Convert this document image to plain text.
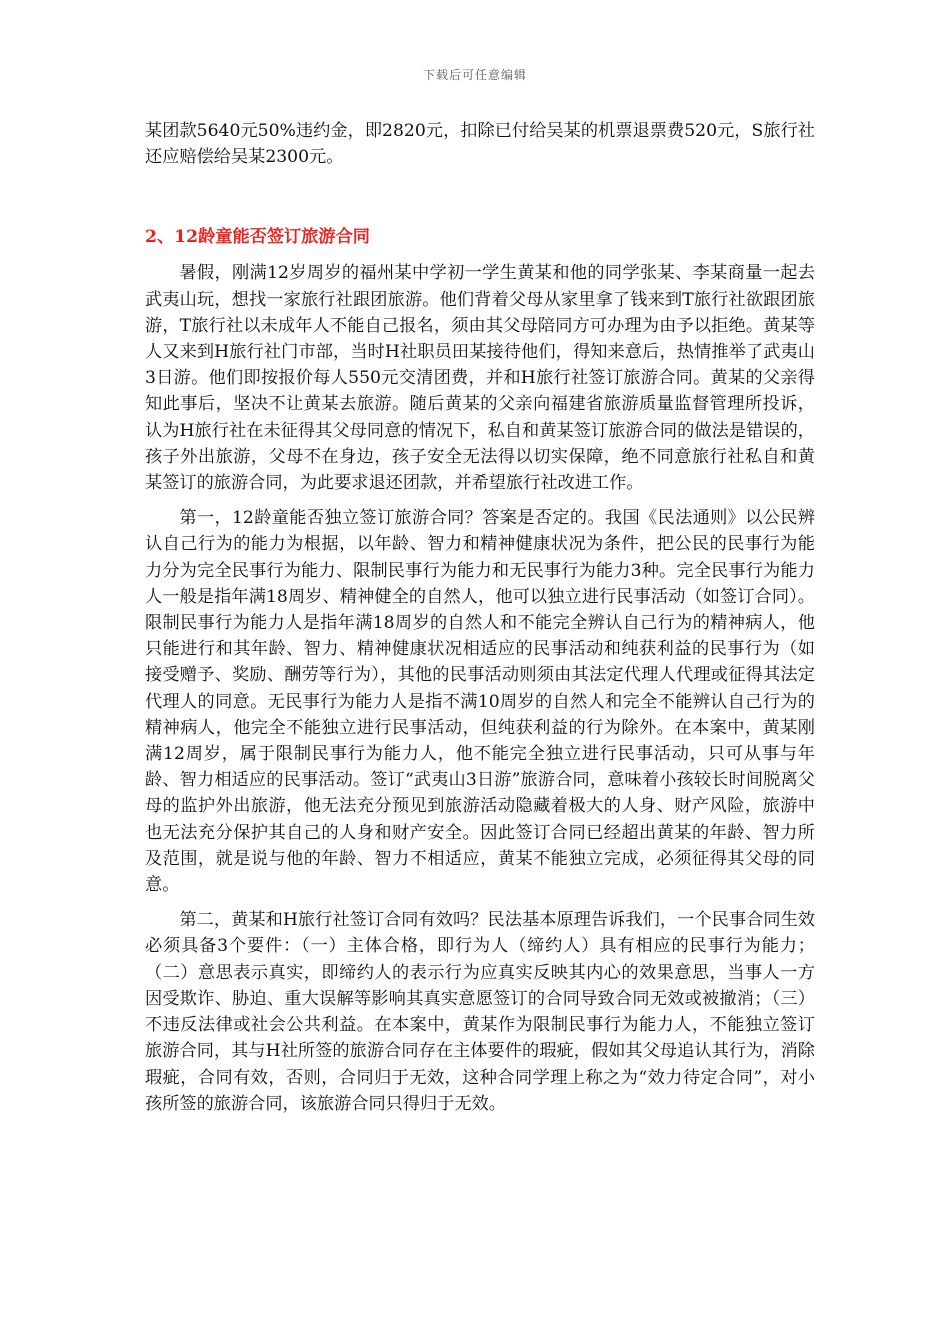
下载后可任意编辑

某团款5640元50%违约金，即2820元，扣除已付给吴某的机票退票费520元，S旅行社还应赔偿给吴某2300元。

2、12龄童能否签订旅游合同

暑假，刚满12岁周岁的福州某中学初一学生黄某和他的同学张某、李某商量一起去武夷山玩，想找一家旅行社跟团旅游。他们背着父母从家里拿了钱来到T旅行社欲跟团旅游，T旅行社以未成年人不能自己报名，须由其父母陪同方可办理为由予以拒绝。黄某等人又来到H旅行社门市部，当时H社职员田某接待他们，得知来意后，热情推举了武夷山3日游。他们即按报价每人550元交清团费，并和H旅行社签订旅游合同。黄某的父亲得知此事后，坚决不让黄某去旅游。随后黄某的父亲向福建省旅游质量监督管理所投诉，认为H旅行社在未征得其父母同意的情况下，私自和黄某签订旅游合同的做法是错误的，孩子外出旅游，父母不在身边，孩子安全无法得以切实保障，绝不同意旅行社私自和黄某签订的旅游合同，为此要求退还团款，并希望旅行社改进工作。

第一，12龄童能否独立签订旅游合同？答案是否定的。我国《民法通则》以公民辨认自己行为的能力为根据，以年龄、智力和精神健康状况为条件，把公民的民事行为能力分为完全民事行为能力、限制民事行为能力和无民事行为能力3种。完全民事行为能力人一般是指年满18周岁、精神健全的自然人，他可以独立进行民事活动（如签订合同）。限制民事行为能力人是指年满18周岁的自然人和不能完全辨认自己行为的精神病人，他只能进行和其年龄、智力、精神健康状况相适应的民事活动和纯获利益的民事行为（如接受赠予、奖励、酬劳等行为），其他的民事活动则须由其法定代理人代理或征得其法定代理人的同意。无民事行为能力人是指不满10周岁的自然人和完全不能辨认自己行为的精神病人，他完全不能独立进行民事活动，但纯获利益的行为除外。在本案中，黄某刚满12周岁，属于限制民事行为能力人，他不能完全独立进行民事活动，只可从事与年龄、智力相适应的民事活动。签订“武夷山3日游”旅游合同，意味着小孩较长时间脱离父母的监护外出旅游，他无法充分预见到旅游活动隐藏着极大的人身、财产风险，旅游中也无法充分保护其自己的人身和财产安全。因此签订合同已经超出黄某的年龄、智力所及范围，就是说与他的年龄、智力不相适应，黄某不能独立完成，必须征得其父母的同意。

第二，黄某和H旅行社签订合同有效吗？民法基本原理告诉我们，一个民事合同生效必须具备3个要件：（一）主体合格，即行为人（缔约人）具有相应的民事行为能力；（二）意思表示真实，即缔约人的表示行为应真实反映其内心的效果意思，当事人一方因受欺诈、胁迫、重大误解等影响其真实意愿签订的合同导致合同无效或被撤消；（三）不违反法律或社会公共利益。在本案中，黄某作为限制民事行为能力人，不能独立签订旅游合同，其与H社所签的旅游合同存在主体要件的瑕疵，假如其父母追认其行为，消除瑕疵，合同有效，否则，合同归于无效，这种合同学理上称之为“效力待定合同”，对小孩所签的旅游合同，该旅游合同只得归于无效。
